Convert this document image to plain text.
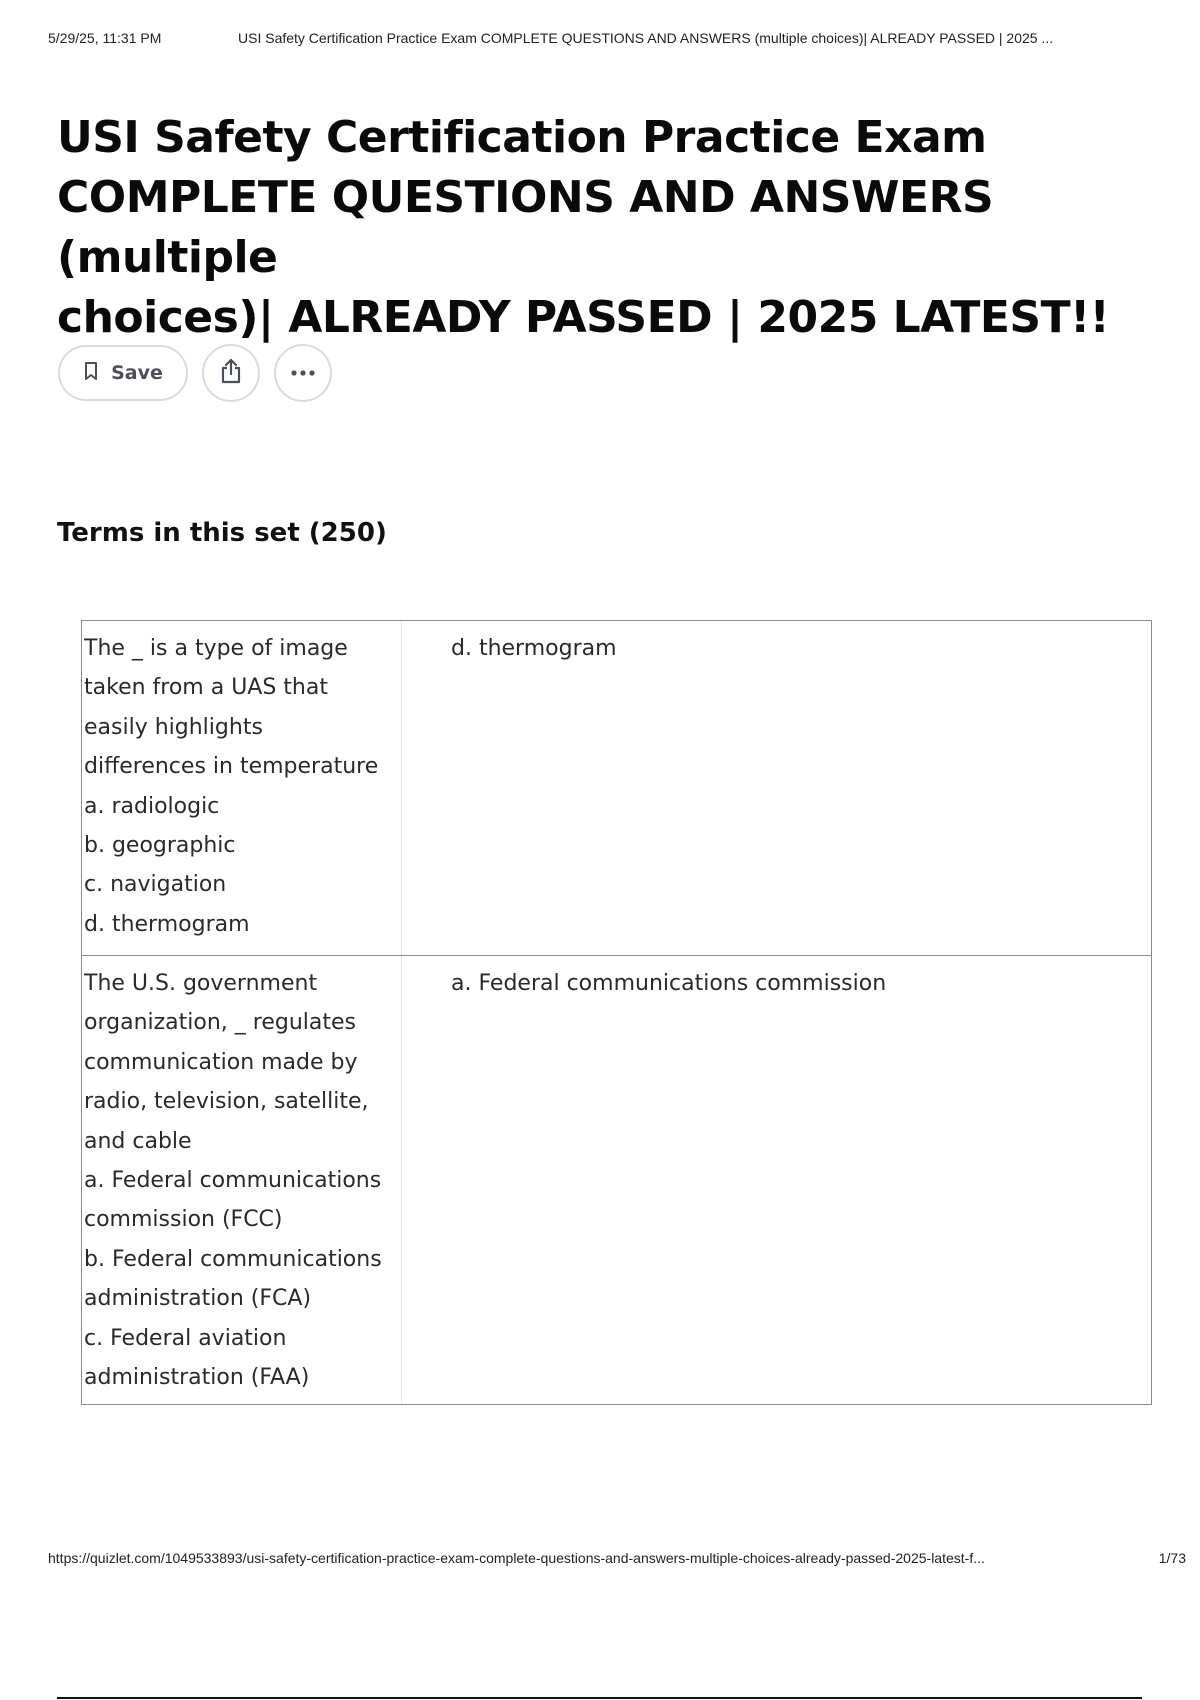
5/29/25, 11:31 PM	USI Safety Certification Practice Exam COMPLETE QUESTIONS AND ANSWERS (multiple choices)| ALREADY PASSED | 2025 ...
USI Safety Certification Practice Exam
COMPLETE QUESTIONS AND ANSWERS (multiple
choices)| ALREADY PASSED | 2025 LATEST!!
Save
Terms in this set (250)
The _ is a type of image
taken from a UAS that
easily highlights
differences in temperature
a. radiologic
b. geographic
c. navigation
d. thermogram
d. thermogram
The U.S. government
organization, _ regulates
communication made by
radio, television, satellite,
and cable
a. Federal communications
commission (FCC)
b. Federal communications
administration (FCA)
c. Federal aviation
administration (FAA)
a. Federal communications commission
https://quizlet.com/1049533893/usi-safety-certification-practice-exam-complete-questions-and-answers-multiple-choices-already-passed-2025-latest-f...	1/73
